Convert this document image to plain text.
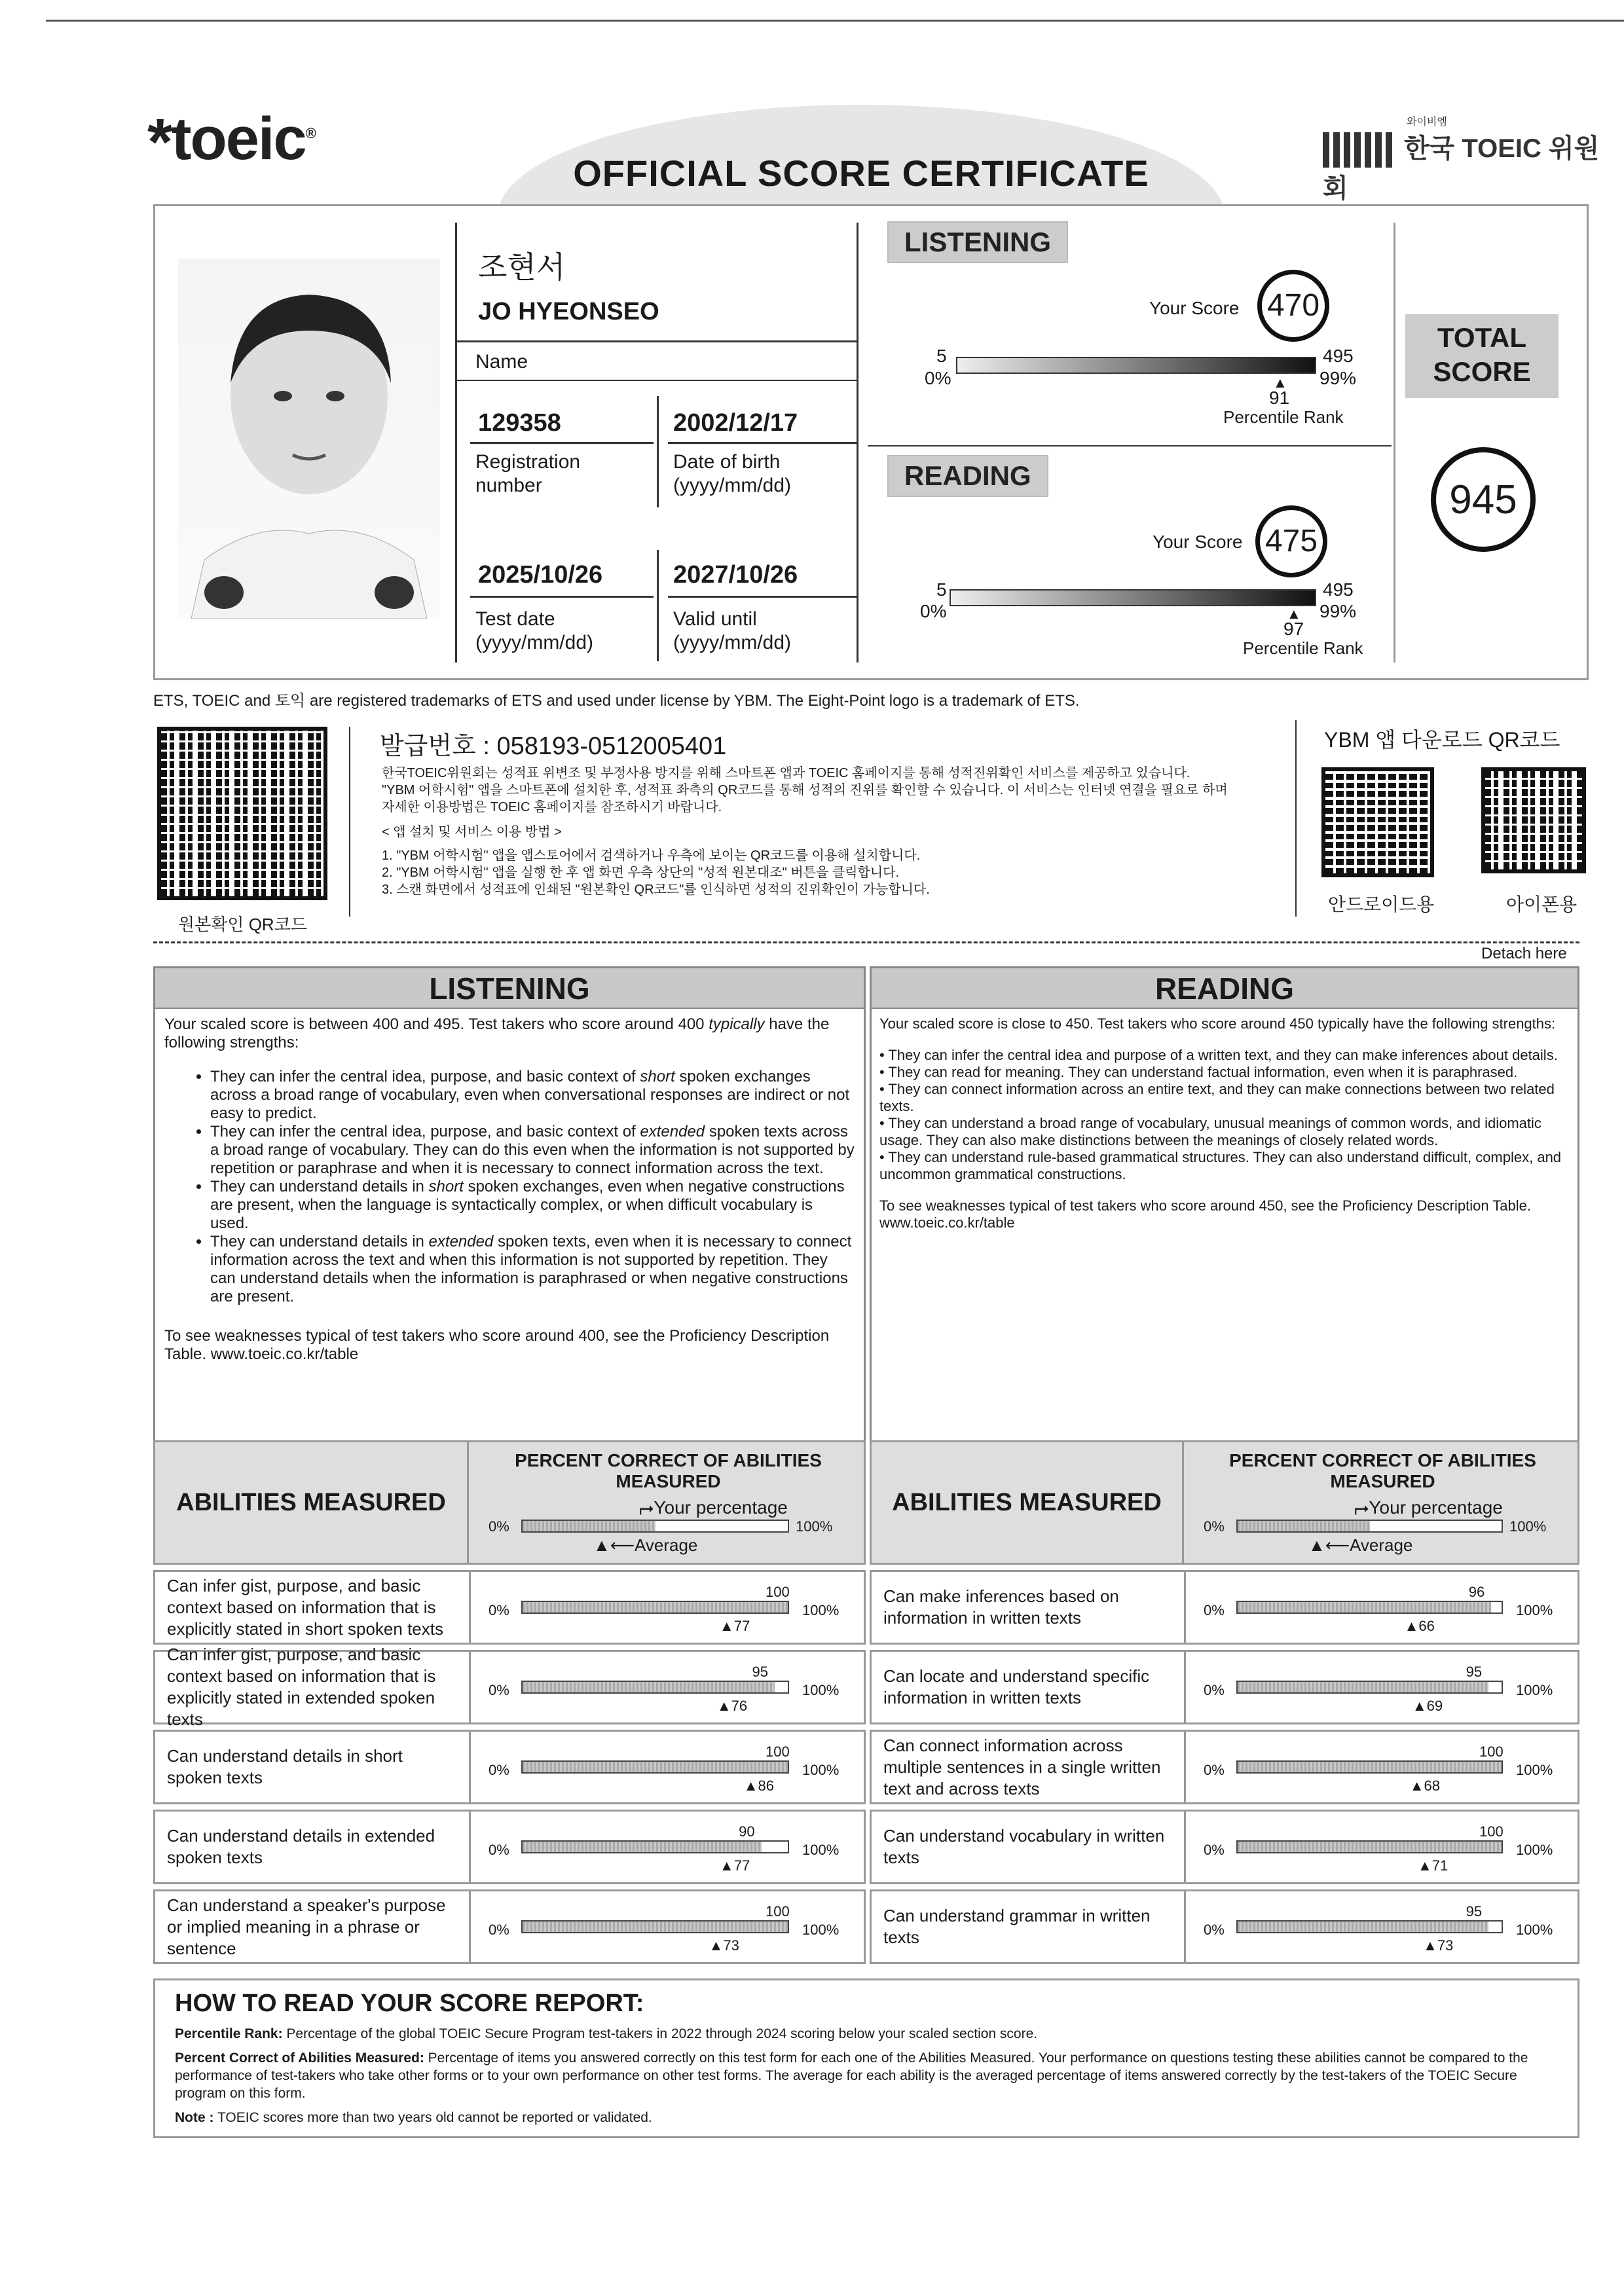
*toeic®
OFFICIAL SCORE CERTIFICATE
와이비엠
한국 TOEIC 위원회
조현서
JO HYEONSEO
Name
129358
Registration number
2002/12/17
Date of birth (yyyy/mm/dd)
2025/10/26
Test date (yyyy/mm/dd)
2027/10/26
Valid until (yyyy/mm/dd)
LISTENING
Your Score 470
5
0%
495
99%
▲
91
Percentile Rank
READING
Your Score 475
5
0%
495
99%
▲
97
Percentile Rank
TOTAL
SCORE
945
ETS, TOEIC and 토익 are registered trademarks of ETS and used under license by YBM. The Eight-Point logo is a trademark of ETS.
원본확인 QR코드
발급번호 : 058193-0512005401
한국TOEIC위원회는 성적표 위변조 및 부정사용 방지를 위해 스마트폰 앱과 TOEIC 홈페이지를 통해 성적진위확인 서비스를 제공하고 있습니다.
"YBM 어학시험" 앱을 스마트폰에 설치한 후, 성적표 좌측의 QR코드를 통해 성적의 진위를 확인할 수 있습니다. 이 서비스는 인터넷 연결을 필요로 하며
자세한 이용방법은 TOEIC 홈페이지를 참조하시기 바랍니다.
< 앱 설치 및 서비스 이용 방법 >
1. "YBM 어학시험" 앱을 앱스토어에서 검색하거나 우측에 보이는 QR코드를 이용해 설치합니다.
2. "YBM 어학시험" 앱을 실행 한 후 앱 화면 우측 상단의 "성적 원본대조" 버튼을 클릭합니다.
3. 스캔 화면에서 성적표에 인쇄된 "원본확인 QR코드"를 인식하면 성적의 진위확인이 가능합니다.
YBM 앱 다운로드 QR코드
안드로이드용	아이폰용
Detach here
LISTENING

Your scaled score is between 400 and 495. Test takers who score around 400 typically have the following strengths:

• They can infer the central idea, purpose, and basic context of short spoken exchanges across a broad range of vocabulary, even when conversational responses are indirect or not easy to predict.
• They can infer the central idea, purpose, and basic context of extended spoken texts across a broad range of vocabulary. They can do this even when the information is not supported by repetition or paraphrase and when it is necessary to connect information across the text.
• They can understand details in short spoken exchanges, even when negative constructions are present, when the language is syntactically complex, or when difficult vocabulary is used.
• They can understand details in extended spoken texts, even when it is necessary to connect information across the text and when this information is not supported by repetition. They can understand details when the information is paraphrased or when negative constructions are present.

To see weaknesses typical of test takers who score around 400, see the Proficiency Description Table. www.toeic.co.kr/table

READING

Your scaled score is close to 450. Test takers who score around 450 typically have the following strengths:

• They can infer the central idea and purpose of a written text, and they can make inferences about details.
• They can read for meaning. They can understand factual information, even when it is paraphrased.
• They can connect information across an entire text, and they can make connections between two related texts.
• They can understand a broad range of vocabulary, unusual meanings of common words, and idiomatic usage. They can also make distinctions between the meanings of closely related words.
• They can understand rule-based grammatical structures. They can also understand difficult, complex, and uncommon grammatical constructions.

To see weaknesses typical of test takers who score around 450, see the Proficiency Description Table. www.toeic.co.kr/table

ABILITIES MEASURED
PERCENT CORRECT OF ABILITIES MEASURED
⮣Your percentage
0%	100%
▲⟵Average
Can infer gist, purpose, and basic context based on information that is explicitly stated in short spoken texts
0%
100
100%
▲77
Can infer gist, purpose, and basic context based on information that is explicitly stated in extended spoken texts
0%
95
100%
▲76
Can understand details in short spoken texts	0%
100
100%
▲86
Can understand details in extended spoken texts	0%
90
100%
▲77
Can understand a speaker's purpose or implied meaning in a phrase or sentence
0%
100
100%
▲73
ABILITIES MEASURED
PERCENT CORRECT OF ABILITIES MEASURED
⮣Your percentage
0%	100%
▲⟵Average
Can make inferences based on information in written texts	0%
96
100%
▲66
Can locate and understand specific information in written texts	0%
95
100%
▲69
Can connect information across multiple sentences in a single written text and across texts
0%
100
100%
▲68
Can understand vocabulary in written texts	0%
100
100%
▲71
Can understand grammar in written texts	0%
95
100%
▲73
HOW TO READ YOUR SCORE REPORT:

Percentile Rank: Percentage of the global TOEIC Secure Program test-takers in 2022 through 2024 scoring below your scaled section score.

Percent Correct of Abilities Measured: Percentage of items you answered correctly on this test form for each one of the Abilities Measured. Your performance on questions testing these abilities cannot be compared to the performance of test-takers who take other forms or to your own performance on other test forms. The average for each ability is the averaged percentage of items answered correctly by the test-takers of the TOEIC Secure program on this form.

Note : TOEIC scores more than two years old cannot be reported or validated.
